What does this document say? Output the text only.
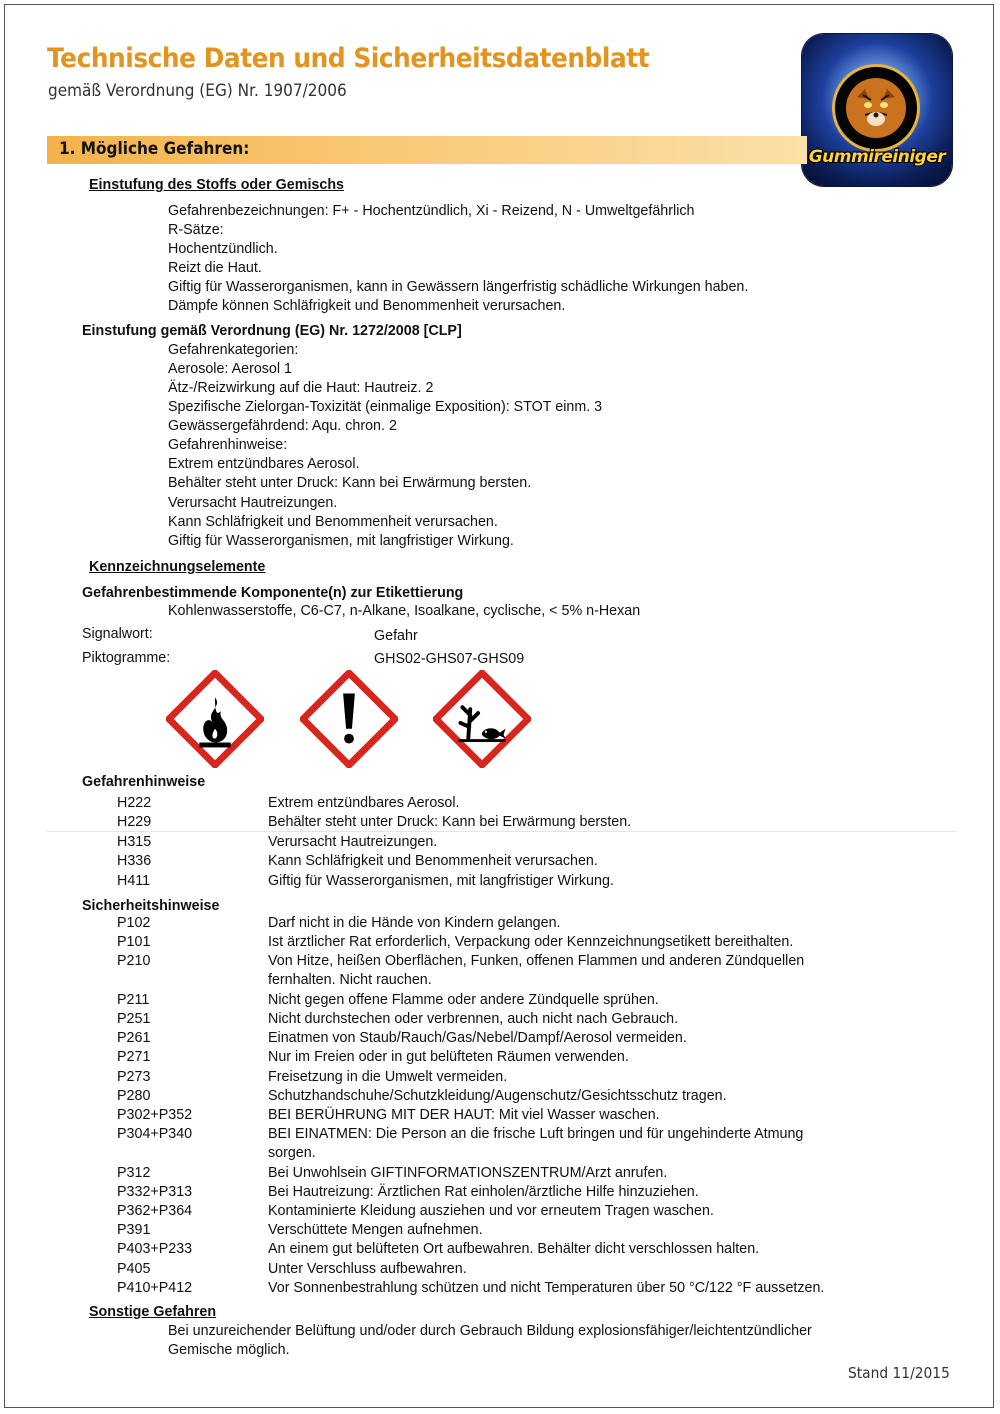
Technische Daten und Sicherheitsdatenblatt
gemäß Verordnung (EG) Nr. 1907/2006
Gummireiniger
1. Mögliche Gefahren:
Einstufung des Stoffs oder Gemischs
Gefahrenbezeichnungen: F+ - Hochentzündlich, Xi - Reizend, N - Umweltgefährlich
R-Sätze:
Hochentzündlich.
Reizt die Haut.
Giftig für Wasserorganismen, kann in Gewässern längerfristig schädliche Wirkungen haben.
Dämpfe können Schläfrigkeit und Benommenheit verursachen.
Einstufung gemäß Verordnung (EG) Nr. 1272/2008 [CLP]
Gefahrenkategorien:
Aerosole: Aerosol 1
Ätz-/Reizwirkung auf die Haut: Hautreiz. 2
Spezifische Zielorgan-Toxizität (einmalige Exposition): STOT einm. 3
Gewässergefährdend: Aqu. chron. 2
Gefahrenhinweise:
Extrem entzündbares Aerosol.
Behälter steht unter Druck: Kann bei Erwärmung bersten.
Verursacht Hautreizungen.
Kann Schläfrigkeit und Benommenheit verursachen.
Giftig für Wasserorganismen, mit langfristiger Wirkung.
Kennzeichnungselemente
Gefahrenbestimmende Komponente(n) zur Etikettierung
Kohlenwasserstoffe, C6-C7, n-Alkane, Isoalkane, cyclische, < 5% n-Hexan
Signalwort:	Gefahr
Piktogramme:	GHS02-GHS07-GHS09
Gefahrenhinweise
H222	Extrem entzündbares Aerosol.
H229	Behälter steht unter Druck: Kann bei Erwärmung bersten.
H315	Verursacht Hautreizungen.
H336	Kann Schläfrigkeit und Benommenheit verursachen.
H411	Giftig für Wasserorganismen, mit langfristiger Wirkung.
Sicherheitshinweise
P102	Darf nicht in die Hände von Kindern gelangen.
P101	Ist ärztlicher Rat erforderlich, Verpackung oder Kennzeichnungsetikett bereithalten.
P210	Von Hitze, heißen Oberflächen, Funken, offenen Flammen und anderen Zündquellen
fernhalten. Nicht rauchen.
P211	Nicht gegen offene Flamme oder andere Zündquelle sprühen.
P251	Nicht durchstechen oder verbrennen, auch nicht nach Gebrauch.
P261	Einatmen von Staub/Rauch/Gas/Nebel/Dampf/Aerosol vermeiden.
P271	Nur im Freien oder in gut belüfteten Räumen verwenden.
P273	Freisetzung in die Umwelt vermeiden.
P280	Schutzhandschuhe/Schutzkleidung/Augenschutz/Gesichtsschutz tragen.
P302+P352	BEI BERÜHRUNG MIT DER HAUT: Mit viel Wasser waschen.
P304+P340	BEI EINATMEN: Die Person an die frische Luft bringen und für ungehinderte Atmung
sorgen.
P312	Bei Unwohlsein GIFTINFORMATIONSZENTRUM/Arzt anrufen.
P332+P313	Bei Hautreizung: Ärztlichen Rat einholen/ärztliche Hilfe hinzuziehen.
P362+P364	Kontaminierte Kleidung ausziehen und vor erneutem Tragen waschen.
P391	Verschüttete Mengen aufnehmen.
P403+P233	An einem gut belüfteten Ort aufbewahren. Behälter dicht verschlossen halten.
P405	Unter Verschluss aufbewahren.
P410+P412	Vor Sonnenbestrahlung schützen und nicht Temperaturen über 50 °C/122 °F aussetzen.
Sonstige Gefahren
Bei unzureichender Belüftung und/oder durch Gebrauch Bildung explosionsfähiger/leichtentzündlicher
Gemische möglich.
Stand 11/2015
